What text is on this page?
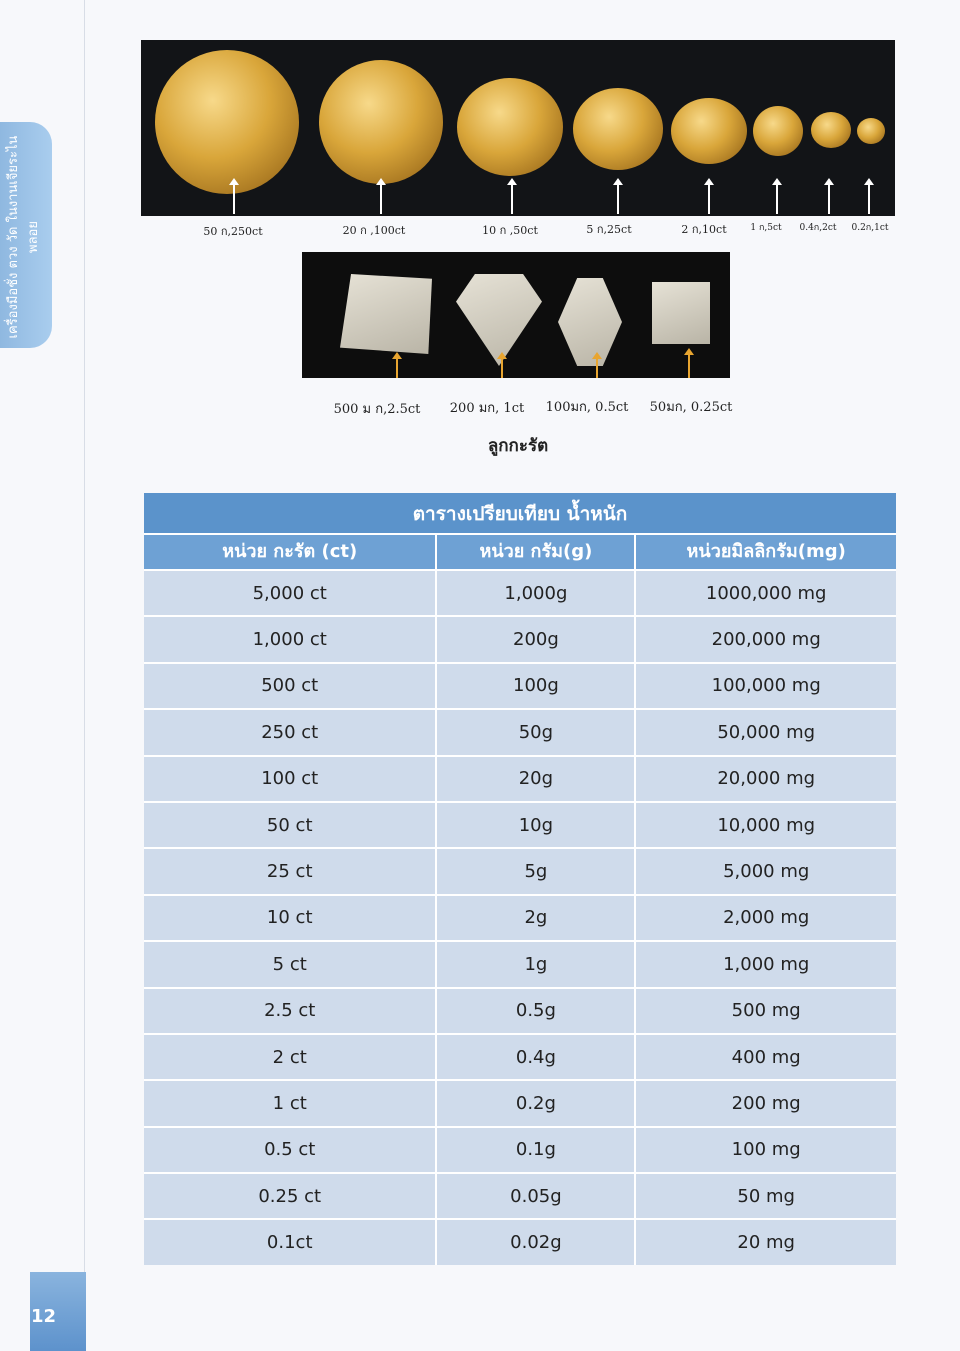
เครื่องมือชั่ง ตวง วัด ในงานเจียระไนพลอย	50 ก,250ct	20 ก ,100ct	10 ก ,50ct	5 ก,25ct	2 ก,10ct	1 ก,5ct 0.4ก,2ct 0.2ก,1ct
500 ม ก,2.5ct 200 มก, 1ct 100มก, 0.5ct 50มก, 0.25ct
ลูกกะรัต
ตารางเปรียบเทียบ น้ำหนัก
หน่วย กะรัต (ct)	หน่วย กรัม(g)	หน่วยมิลลิกรัม(mg)
5,000 ct	1,000g	1000,000 mg
1,000 ct	200g	200,000 mg
500 ct	100g	100,000 mg
250 ct	50g	50,000 mg
100 ct	20g	20,000 mg
50 ct	10g	10,000 mg
25 ct	5g	5,000 mg
10 ct	2g	2,000 mg
5 ct	1g	1,000 mg
2.5 ct	0.5g	500 mg
2 ct	0.4g	400 mg
1 ct	0.2g	200 mg
0.5 ct	0.1g	100 mg
0.25 ct	0.05g	50 mg
0.1ct	0.02g	20 mg
12
